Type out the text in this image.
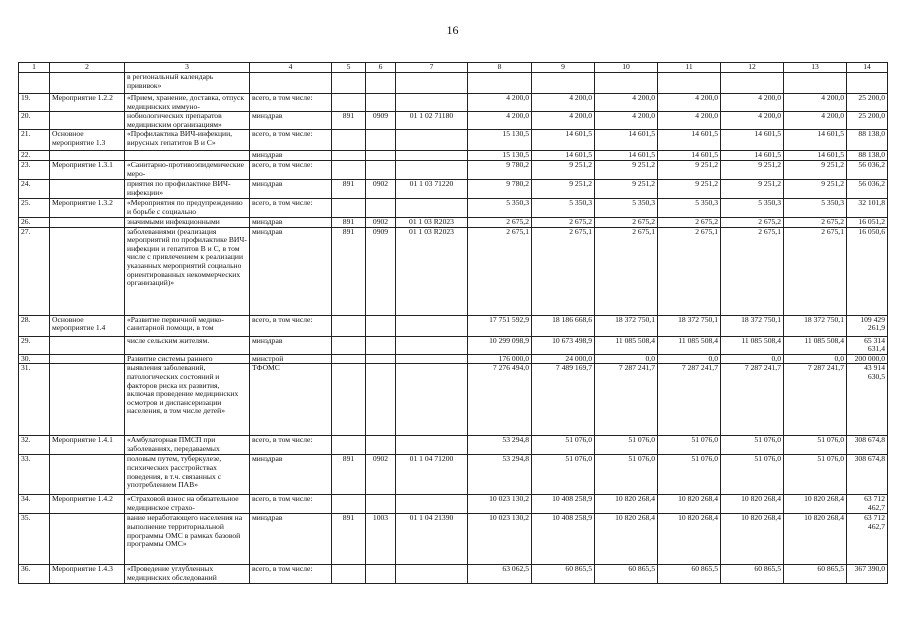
16
1	2	3	4	5	6	7	8	9	10	11	12	13	14
		в региональный календарь прививок»											
19.	Мероприятие 1.2.2	«Прием, хранение, доставка, отпуск медицинских иммуно-	всего, в том числе:				4 200,0	4 200,0	4 200,0	4 200,0	4 200,0	4 200,0	25 200,0
20.		нобиологических препаратов медицинским организациям»	минздрав	891	0909	01 1 02 71180	4 200,0	4 200,0	4 200,0	4 200,0	4 200,0	4 200,0	25 200,0
21.	Основное мероприятие 1.3	«Профилактика ВИЧ-инфекции, вирусных гепатитов В и С»	всего, в том числе:				15 130,5	14 601,5	14 601,5	14 601,5	14 601,5	14 601,5	88 138,0
22.			минздрав				15 130,5	14 601,5	14 601,5	14 601,5	14 601,5	14 601,5	88 138,0
23.	Мероприятие 1.3.1	«Санитарно-противоэпидемические меро-	всего, в том числе:				9 780,2	9 251,2	9 251,2	9 251,2	9 251,2	9 251,2	56 036,2
24.		приятия по профилактике ВИЧ-инфекции»	минздрав	891	0902	01 1 03 71220	9 780,2	9 251,2	9 251,2	9 251,2	9 251,2	9 251,2	56 036,2
25.	Мероприятие 1.3.2	«Мероприятия по предупреждению и борьбе с социально	всего, в том числе:				5 350,3	5 350,3	5 350,3	5 350,3	5 350,3	5 350,3	32 101,8
26.		значимыми инфекционными	минздрав	891	0902	01 1 03 R2023	2 675,2	2 675,2	2 675,2	2 675,2	2 675,2	2 675,2	16 051,2
27.		заболеваниями (реализация мероприятий по профилактике ВИЧ-инфекции и гепатитов В и С, в том числе с привлечением к реализации указанных мероприятий социально ориентированных некоммерческих организаций)»	минздрав	891	0909	01 1 03 R2023	2 675,1	2 675,1	2 675,1	2 675,1	2 675,1	2 675,1	16 050,6
28.	Основное мероприятие 1.4	«Развитие первичной медико-санитарной помощи, в том	всего, в том числе:				17 751 592,9	18 186 668,6	18 372 750,1	18 372 750,1	18 372 750,1	18 372 750,1	109 429 261,9
29.		числе сельским жителям.	минздрав				10 299 098,9	10 673 498,9	11 085 508,4	11 085 508,4	11 085 508,4	11 085 508,4	65 314 631,4
30.		Развитие системы раннего	минстрой				176 000,0	24 000,0	0,0	0,0	0,0	0,0	200 000,0
31.		выявления заболеваний, патологических состояний и факторов риска их развития, включая проведение медицинских осмотров и диспансеризации населения, в том числе детей»	ТФОМС				7 276 494,0	7 489 169,7	7 287 241,7	7 287 241,7	7 287 241,7	7 287 241,7	43 914 630,5
32.	Мероприятие 1.4.1	«Амбулаторная ПМСП при заболеваниях, передаваемых	всего, в том числе:				53 294,8	51 076,0	51 076,0	51 076,0	51 076,0	51 076,0	308 674,8
33.		половым путем, туберкулезе, психических расстройствах поведения, в т.ч. связанных с употреблением ПАВ»	минздрав	891	0902	01 1 04 71200	53 294,8	51 076,0	51 076,0	51 076,0	51 076,0	51 076,0	308 674,8
34.	Мероприятие 1.4.2	«Страховой взнос на обязательное медицинское страхо-	всего, в том числе:				10 023 130,2	10 408 258,9	10 820 268,4	10 820 268,4	10 820 268,4	10 820 268,4	63 712 462,7
35.		вание неработающего населения на выполнение территориальной программы ОМС в рамках базовой программы ОМС»	минздрав	891	1003	01 1 04 21390	10 023 130,2	10 408 258,9	10 820 268,4	10 820 268,4	10 820 268,4	10 820 268,4	63 712 462,7
36.	Мероприятие 1.4.3	«Проведение углубленных медицинских обследований	всего, в том числе:				63 062,5	60 865,5	60 865,5	60 865,5	60 865,5	60 865,5	367 390,0
